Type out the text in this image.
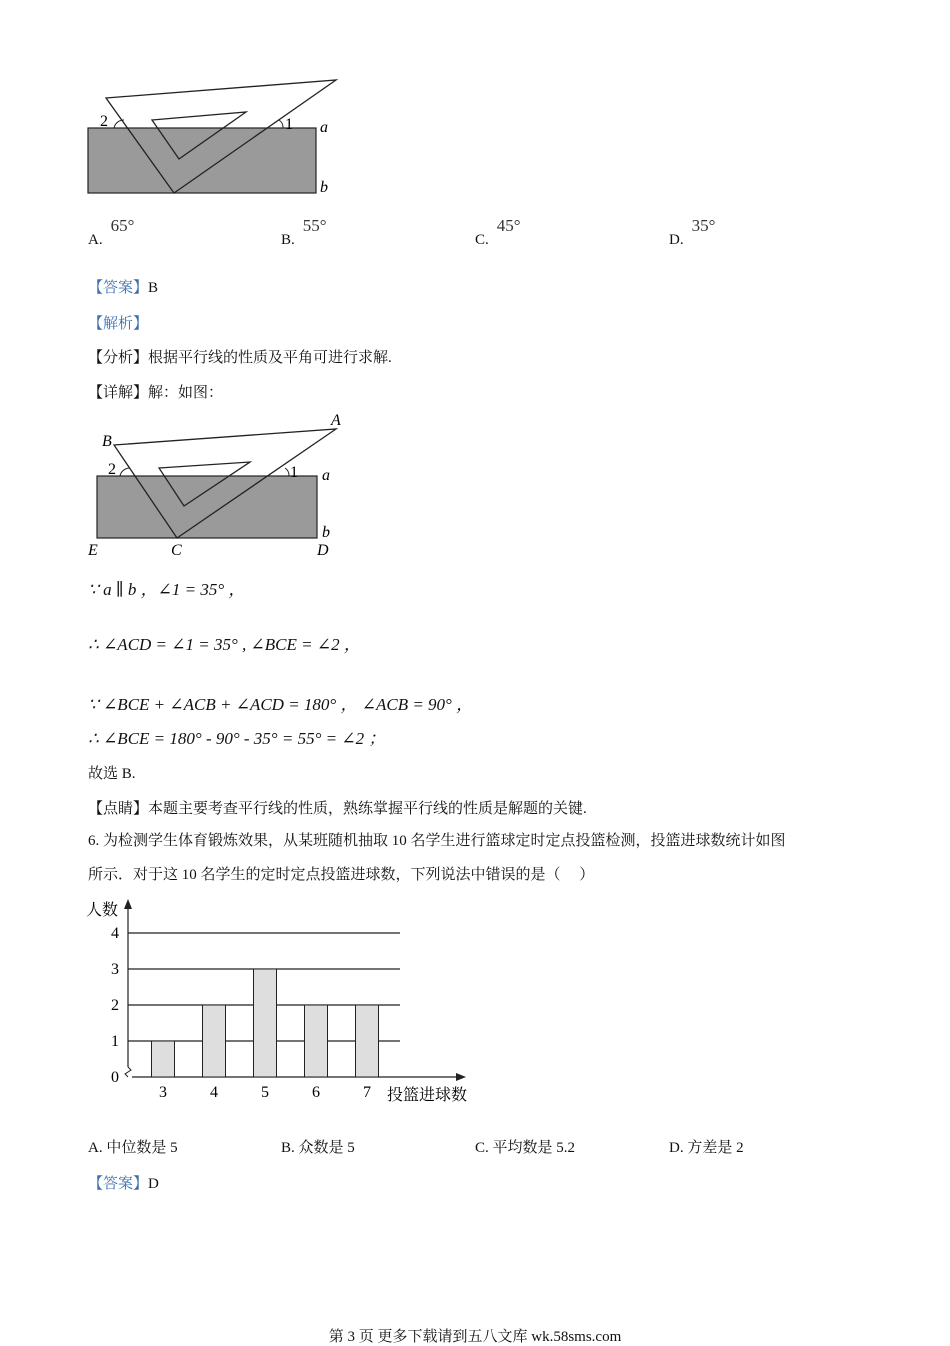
2	1 a
b
A.65°
B.55°
C.45°
D.35°
【答案】B
【解析】
【分析】根据平行线的性质及平角可进行求解.
【详解】解：如图：
B
A
2	1 a
b
E	C	D
∵ a ∥ b ，∠1 = 35° ，
∴ ∠ACD = ∠1 = 35° , ∠BCE = ∠2 ，
∵ ∠BCE + ∠ACB + ∠ACD = 180° ， ∠ACB = 90° ，
∴ ∠BCE = 180° - 90° - 35° = 55° = ∠2 ；
故选 B.
【点睛】本题主要考查平行线的性质，熟练掌握平行线的性质是解题的关键.
6. 为检测学生体育锻炼效果，从某班随机抽取 10 名学生进行篮球定时定点投篮检测，投篮进球数统计如图
所示．对于这 10 名学生的定时定点投篮进球数，下列说法中错误的是（　 ）
3	4	5	6	7
0
1
2
3
4
人数
投篮进球数
A. 中位数是 5	B. 众数是 5	C. 平均数是 5.2	D. 方差是 2
【答案】D
第 3 页 更多下载请到五八文库 wk.58sms.com
